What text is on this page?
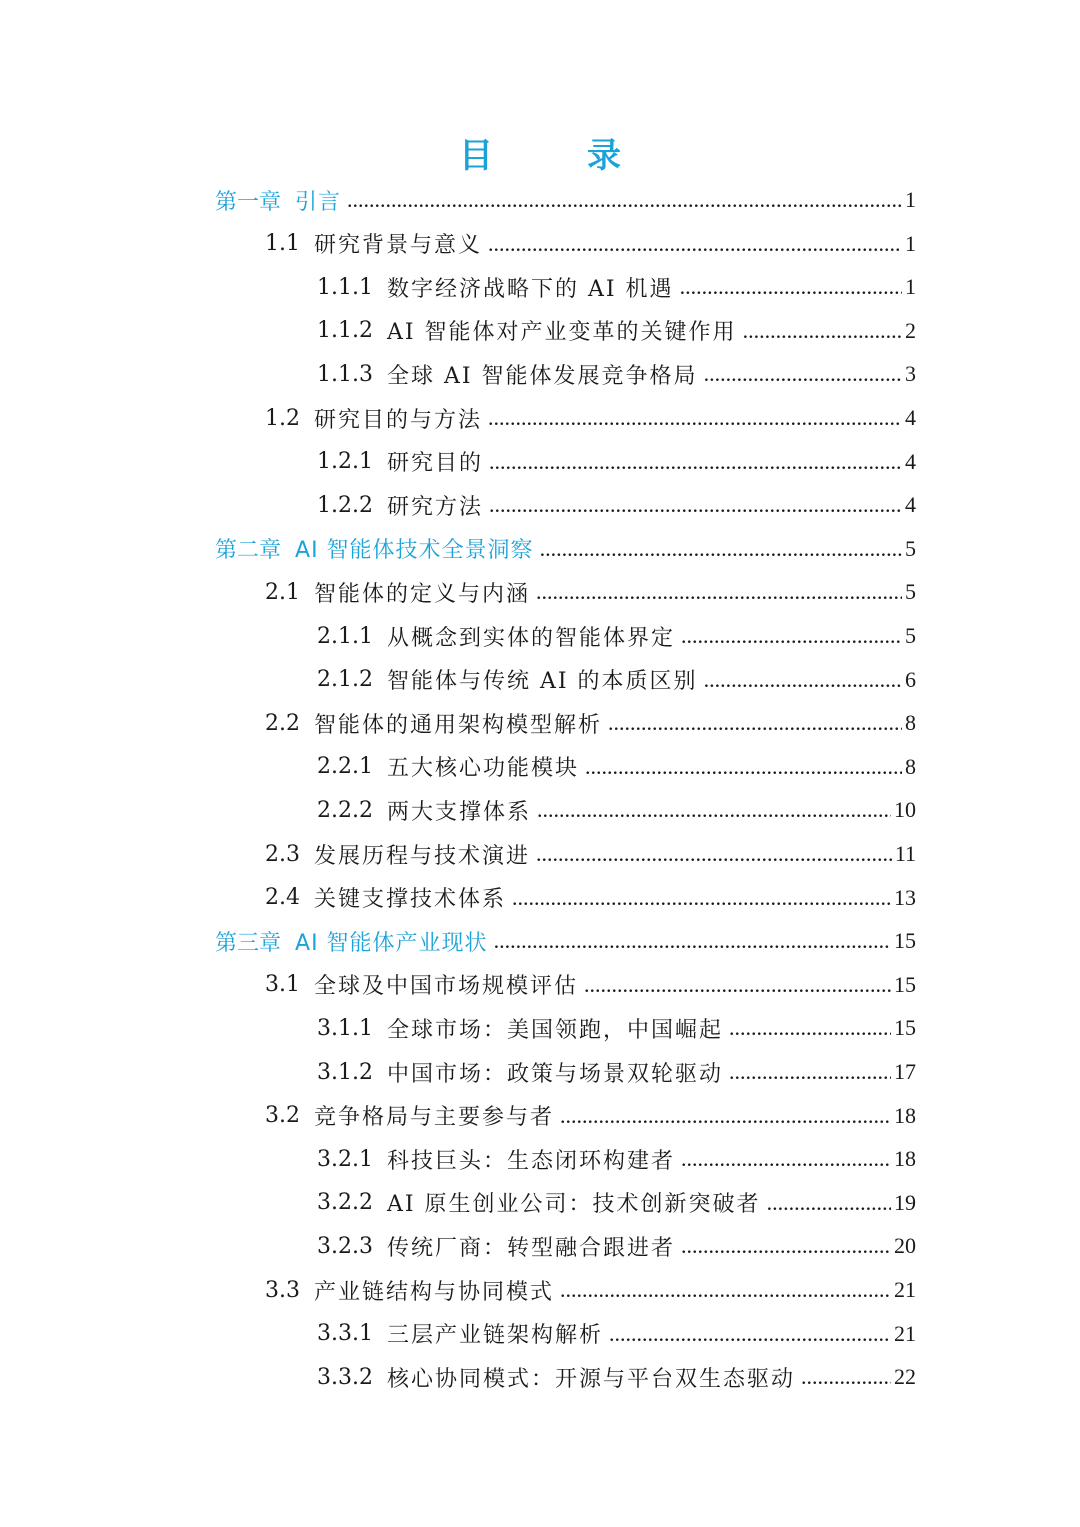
目　录
第一章 引言 .....	1
1.1 研究背景与意义 .....	1
1.1.1 数字经济战略下的 AI 机遇 .....	1
1.1.2 AI 智能体对产业变革的关键作用 .....	2
1.1.3 全球 AI 智能体发展竞争格局 .....	3
1.2 研究目的与方法 .....	4
1.2.1 研究目的 .....	4
1.2.2 研究方法 .....	4
第二章 AI 智能体技术全景洞察 .....	5
2.1 智能体的定义与内涵 .....	5
2.1.1 从概念到实体的智能体界定 .....	5
2.1.2 智能体与传统 AI 的本质区别 .....	6
2.2 智能体的通用架构模型解析 .....	8
2.2.1 五大核心功能模块 .....	8
2.2.2 两大支撑体系 .....	10
2.3 发展历程与技术演进 .....	11
2.4 关键支撑技术体系 .....	13
第三章 AI 智能体产业现状 .....	15
3.1 全球及中国市场规模评估 .....	15
3.1.1 全球市场：美国领跑，中国崛起 .....	15
3.1.2 中国市场：政策与场景双轮驱动 .....	17
3.2 竞争格局与主要参与者 .....	18
3.2.1 科技巨头：生态闭环构建者 .....	18
3.2.2 AI 原生创业公司：技术创新突破者 .....	19
3.2.3 传统厂商：转型融合跟进者 .....	20
3.3 产业链结构与协同模式 .....	21
3.3.1 三层产业链架构解析 .....	21
3.3.2 核心协同模式：开源与平台双生态驱动 .....	22
